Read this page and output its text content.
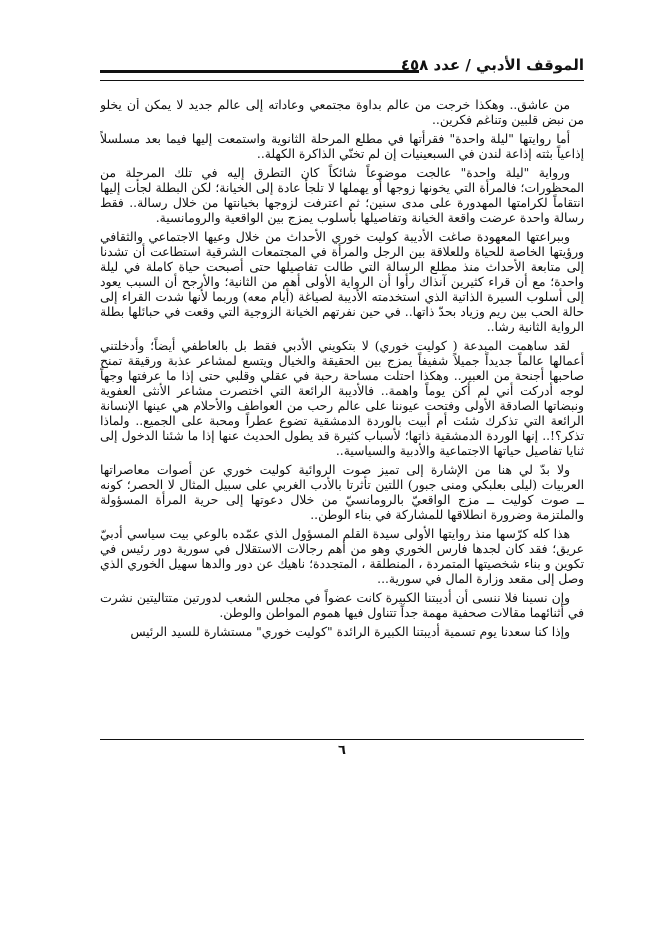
الموقف الأدبي / عدد ٤٥٨

من عاشق.. وهكذا خرجت من عالم بداوة مجتمعي وعاداته إلى عالم جديد لا يمكن أن يخلو من نبض قلبين وتناغم فكرين..

أما روايتها "ليلة واحدة" فقرأتها في مطلع المرحلة الثانوية واستمعت إليها فيما بعد مسلسلاً إذاعياً بثته إذاعة لندن في السبعينيات إن لم تخنّي الذاكرة الكهلة..

ورواية "ليلة واحدة" عالجت موضوعاً شائكاً كان التطرق إليه في تلك المرحلة من المحظورات؛ فالمرأة التي يخونها زوجها أو يهملها لا تلجأ عادة إلى الخيانة؛ لكن البطلة لجأت إليها انتقاماً لكرامتها المهدورة على مدى سنين؛ ثم اعترفت لزوجها بخيانتها من خلال رسالة.. فقط رسالة واحدة عرضت واقعة الخيانة وتفاصيلها بأسلوب يمزج بين الواقعية والرومانسية.

وببراعتها المعهودة صاغت الأديبة كوليت خوري الأحداث من خلال وعيها الاجتماعي والثقافي ورؤيتها الخاصة للحياة وللعلاقة بين الرجل والمرأة في المجتمعات الشرقية استطاعت أن تشدنا إلى متابعة الأحداث منذ مطلع الرسالة التي طالت تفاصيلها حتى أصبحت حياة كاملة في ليلة واحدة؛ مع أن قراء كثيرين آنذاك رأوا أن الرواية الأولى أهم من الثانية؛ والأرجح أن السبب يعود إلى أسلوب السيرة الذاتية الذي استخدمته الأديبة لصياغة (أيام معه) وربما لأنها شدت القراء إلى حالة الحب بين ريم وزياد بحدّ ذاتها.. في حين نفرتهم الخيانة الزوجية التي وقعت في حبائلها بطلة الرواية الثانية رشا..

لقد ساهمت المبدعة ( كوليت خوري) لا بتكويني الأدبي فقط بل بالعاطفي أيضاً؛ وأدخلتني أعمالها عالماً جديداً جميلاً شفيفاً يمزج بين الحقيقة والخيال ويتسع لمشاعر عذبة ورقيقة تمنح صاحبها أجنحة من العبير.. وهكذا احتلت مساحة رحبة في عقلي وقلبي حتى إذا ما عرفتها وجهاً لوجه أدركت أني لم أكن يوماً واهمة.. فالأديبة الرائعة التي اختصرت مشاعر الأنثى العفوية ونبضاتها الصادقة الأولى وفتحت عيوننا على عالم رحب من العواطف والأحلام هي عينها الإنسانة الرائعة التي تذكرك شئت أم أبيت بالوردة الدمشقية تضوع عطراً ومحبة على الجميع.. ولماذا تذكر؟!.. إنها الوردة الدمشقية ذاتها؛ لأسباب كثيرة قد يطول الحديث عنها إذا ما شئنا الدخول إلى ثنايا تفاصيل حياتها الاجتماعية والأدبية والسياسية..

ولا بدّ لي هنا من الإشارة إلى تميز صوت الروائية كوليت خوري عن أصوات معاصراتها العربيات (ليلى بعلبكي ومنى جبور) اللتين تأثرتا بالأدب الغربي على سبيل المثال لا الحصر؛ كونه ــ صوت كوليت ــ مزج الواقعيّ بالرومانسيّ من خلال دعوتها إلى حرية المرأة المسؤولة والملتزمة وضرورة انطلاقها للمشاركة في بناء الوطن..

هذا كله كرّسها منذ روايتها الأولى سيدة القلم المسؤول الذي عمّده بالوعي بيت سياسي أدبيّ عريق؛ فقد كان لجدها فارس الخوري وهو من أهم رجالات الاستقلال في سورية دور رئيس في تكوين و بناء شخصيتها المتمردة ، المنطلقة ، المتجددة؛ ناهيك عن دور والدها سهيل الخوري الذي وصل إلى مقعد وزارة المال في سورية...

وإن نسينا فلا ننسى أن أديبتنا الكبيرة كانت عضواً في مجلس الشعب لدورتين متتاليتين نشرت في أثنائهما مقالات صحفية مهمة جداً تتناول فيها هموم المواطن والوطن.

وإذا كنا سعدنا يوم تسمية أديبتنا الكبيرة الرائدة "كوليت خوري" مستشارة للسيد الرئيس

٦
